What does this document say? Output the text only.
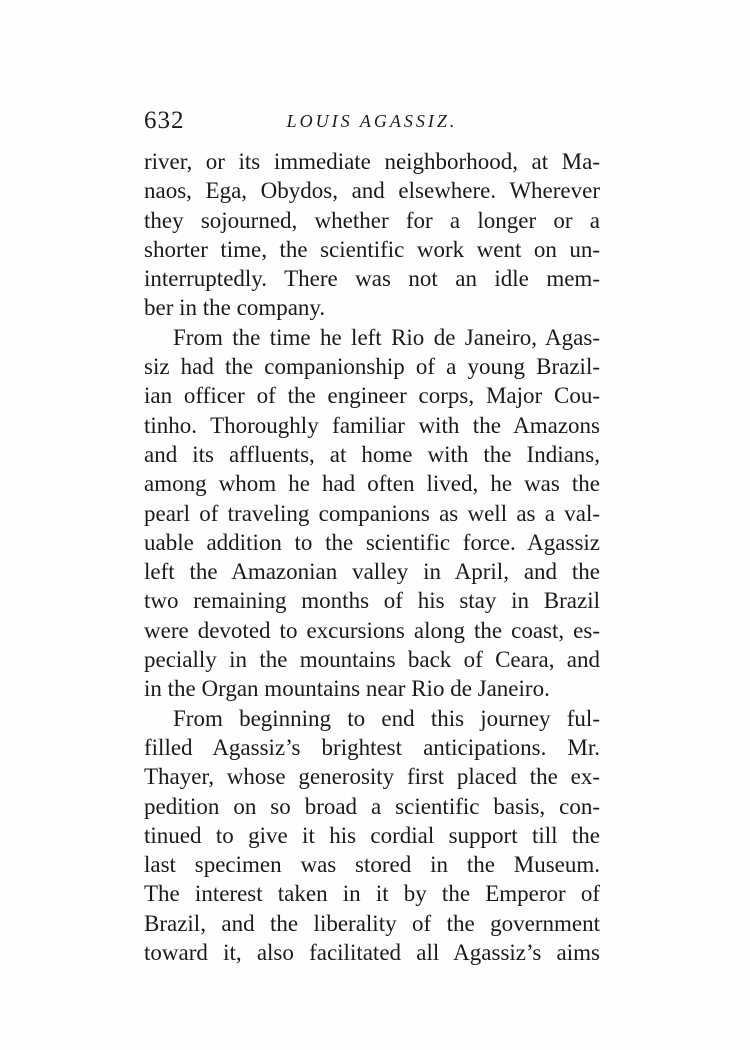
632	LOUIS AGASSIZ.
river, or its immediate neighborhood, at Ma-
naos, Ega, Obydos, and elsewhere. Wherever
they sojourned, whether for a longer or a
shorter time, the scientific work went on un-
interruptedly. There was not an idle mem-
ber in the company.
From the time he left Rio de Janeiro, Agas-
siz had the companionship of a young Brazil-
ian officer of the engineer corps, Major Cou-
tinho. Thoroughly familiar with the Amazons
and its affluents, at home with the Indians,
among whom he had often lived, he was the
pearl of traveling companions as well as a val-
uable addition to the scientific force. Agassiz
left the Amazonian valley in April, and the
two remaining months of his stay in Brazil
were devoted to excursions along the coast, es-
pecially in the mountains back of Ceara, and
in the Organ mountains near Rio de Janeiro.
From beginning to end this journey ful-
filled Agassiz’s brightest anticipations. Mr.
Thayer, whose generosity first placed the ex-
pedition on so broad a scientific basis, con-
tinued to give it his cordial support till the
last specimen was stored in the Museum.
The interest taken in it by the Emperor of
Brazil, and the liberality of the government
toward it, also facilitated all Agassiz’s aims
